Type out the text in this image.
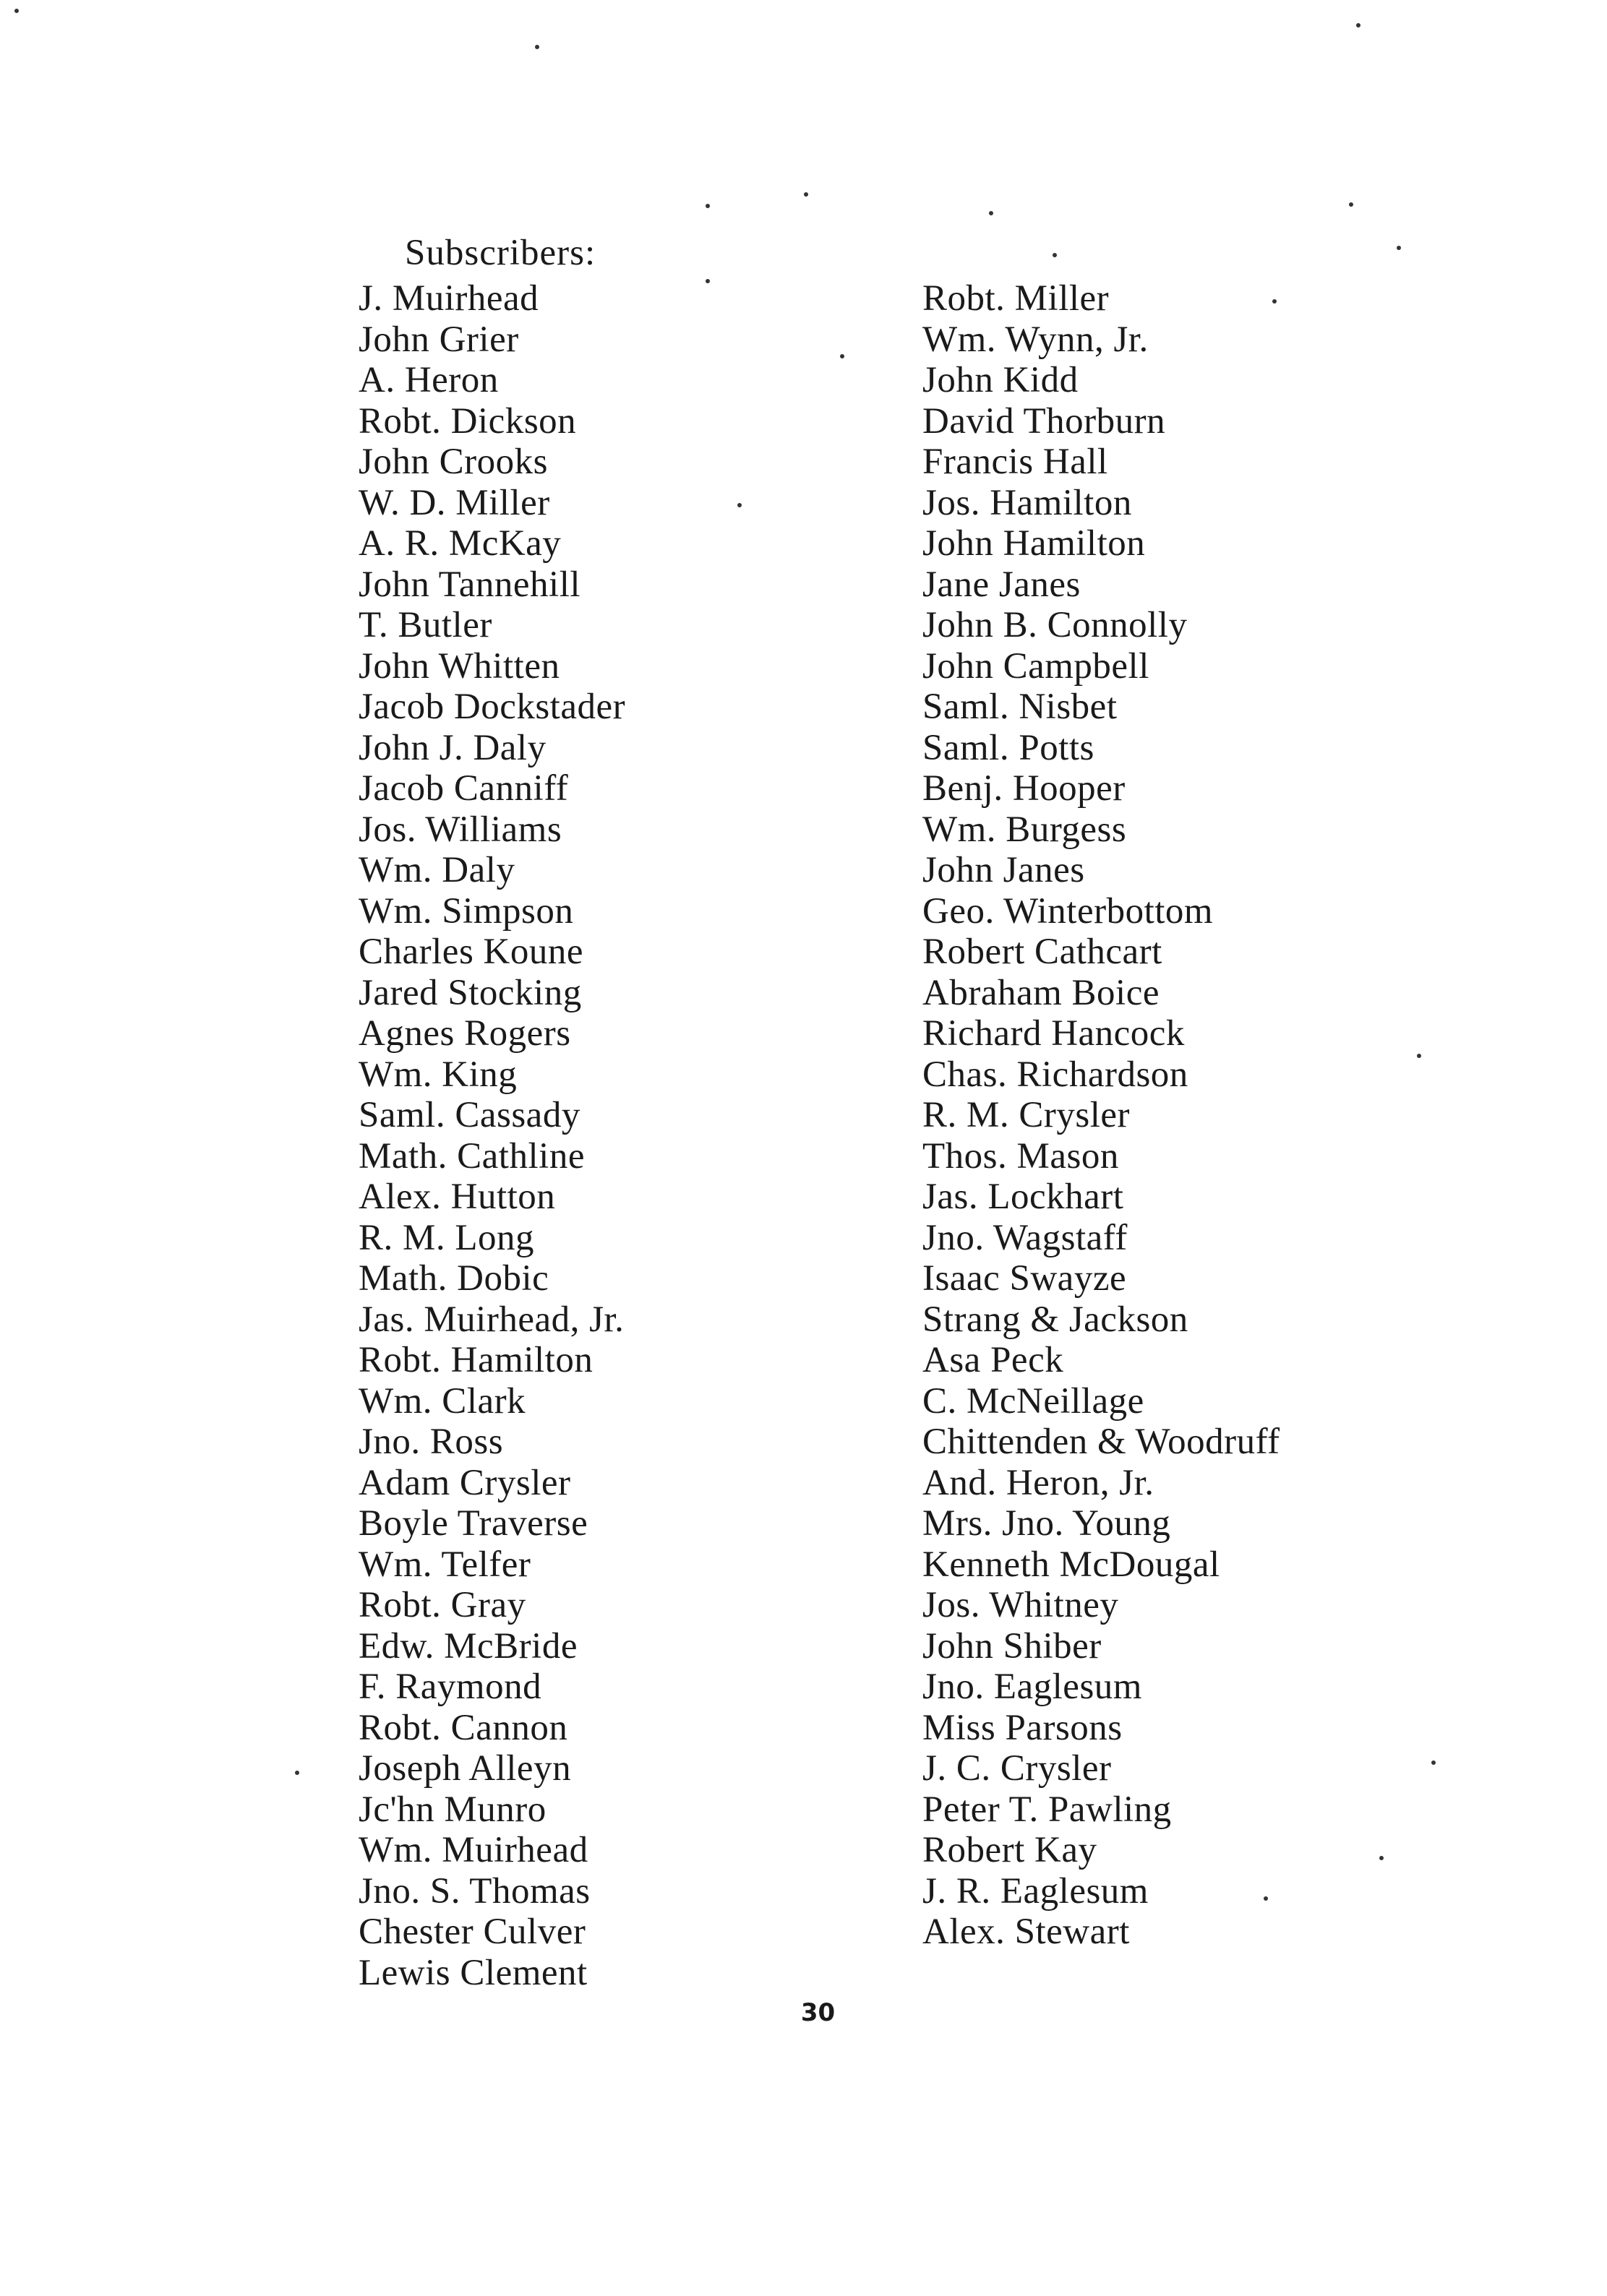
Subscribers:
J. Muirhead
John Grier
A. Heron
Robt. Dickson
John Crooks
W. D. Miller
A. R. McKay
John Tannehill
T. Butler
John Whitten
Jacob Dockstader
John J. Daly
Jacob Canniff
Jos. Williams
Wm. Daly
Wm. Simpson
Charles Koune
Jared Stocking
Agnes Rogers
Wm. King
Saml. Cassady
Math. Cathline
Alex. Hutton
R. M. Long
Math. Dobic
Jas. Muirhead, Jr.
Robt. Hamilton
Wm. Clark
Jno. Ross
Adam Crysler
Boyle Traverse
Wm. Telfer
Robt. Gray
Edw. McBride
F. Raymond
Robt. Cannon
Joseph Alleyn
Jc'hn Munro
Wm. Muirhead
Jno. S. Thomas
Chester Culver
Lewis Clement
Robt. Miller
Wm. Wynn, Jr.
John Kidd
David Thorburn
Francis Hall
Jos. Hamilton
John Hamilton
Jane Janes
John B. Connolly
John Campbell
Saml. Nisbet
Saml. Potts
Benj. Hooper
Wm. Burgess
John Janes
Geo. Winterbottom
Robert Cathcart
Abraham Boice
Richard Hancock
Chas. Richardson
R. M. Crysler
Thos. Mason
Jas. Lockhart
Jno. Wagstaff
Isaac Swayze
Strang & Jackson
Asa Peck
C. McNeillage
Chittenden & Woodruff
And. Heron, Jr.
Mrs. Jno. Young
Kenneth McDougal
Jos. Whitney
John Shiber
Jno. Eaglesum
Miss Parsons
J. C. Crysler
Peter T. Pawling
Robert Kay
J. R. Eaglesum
Alex. Stewart
30
